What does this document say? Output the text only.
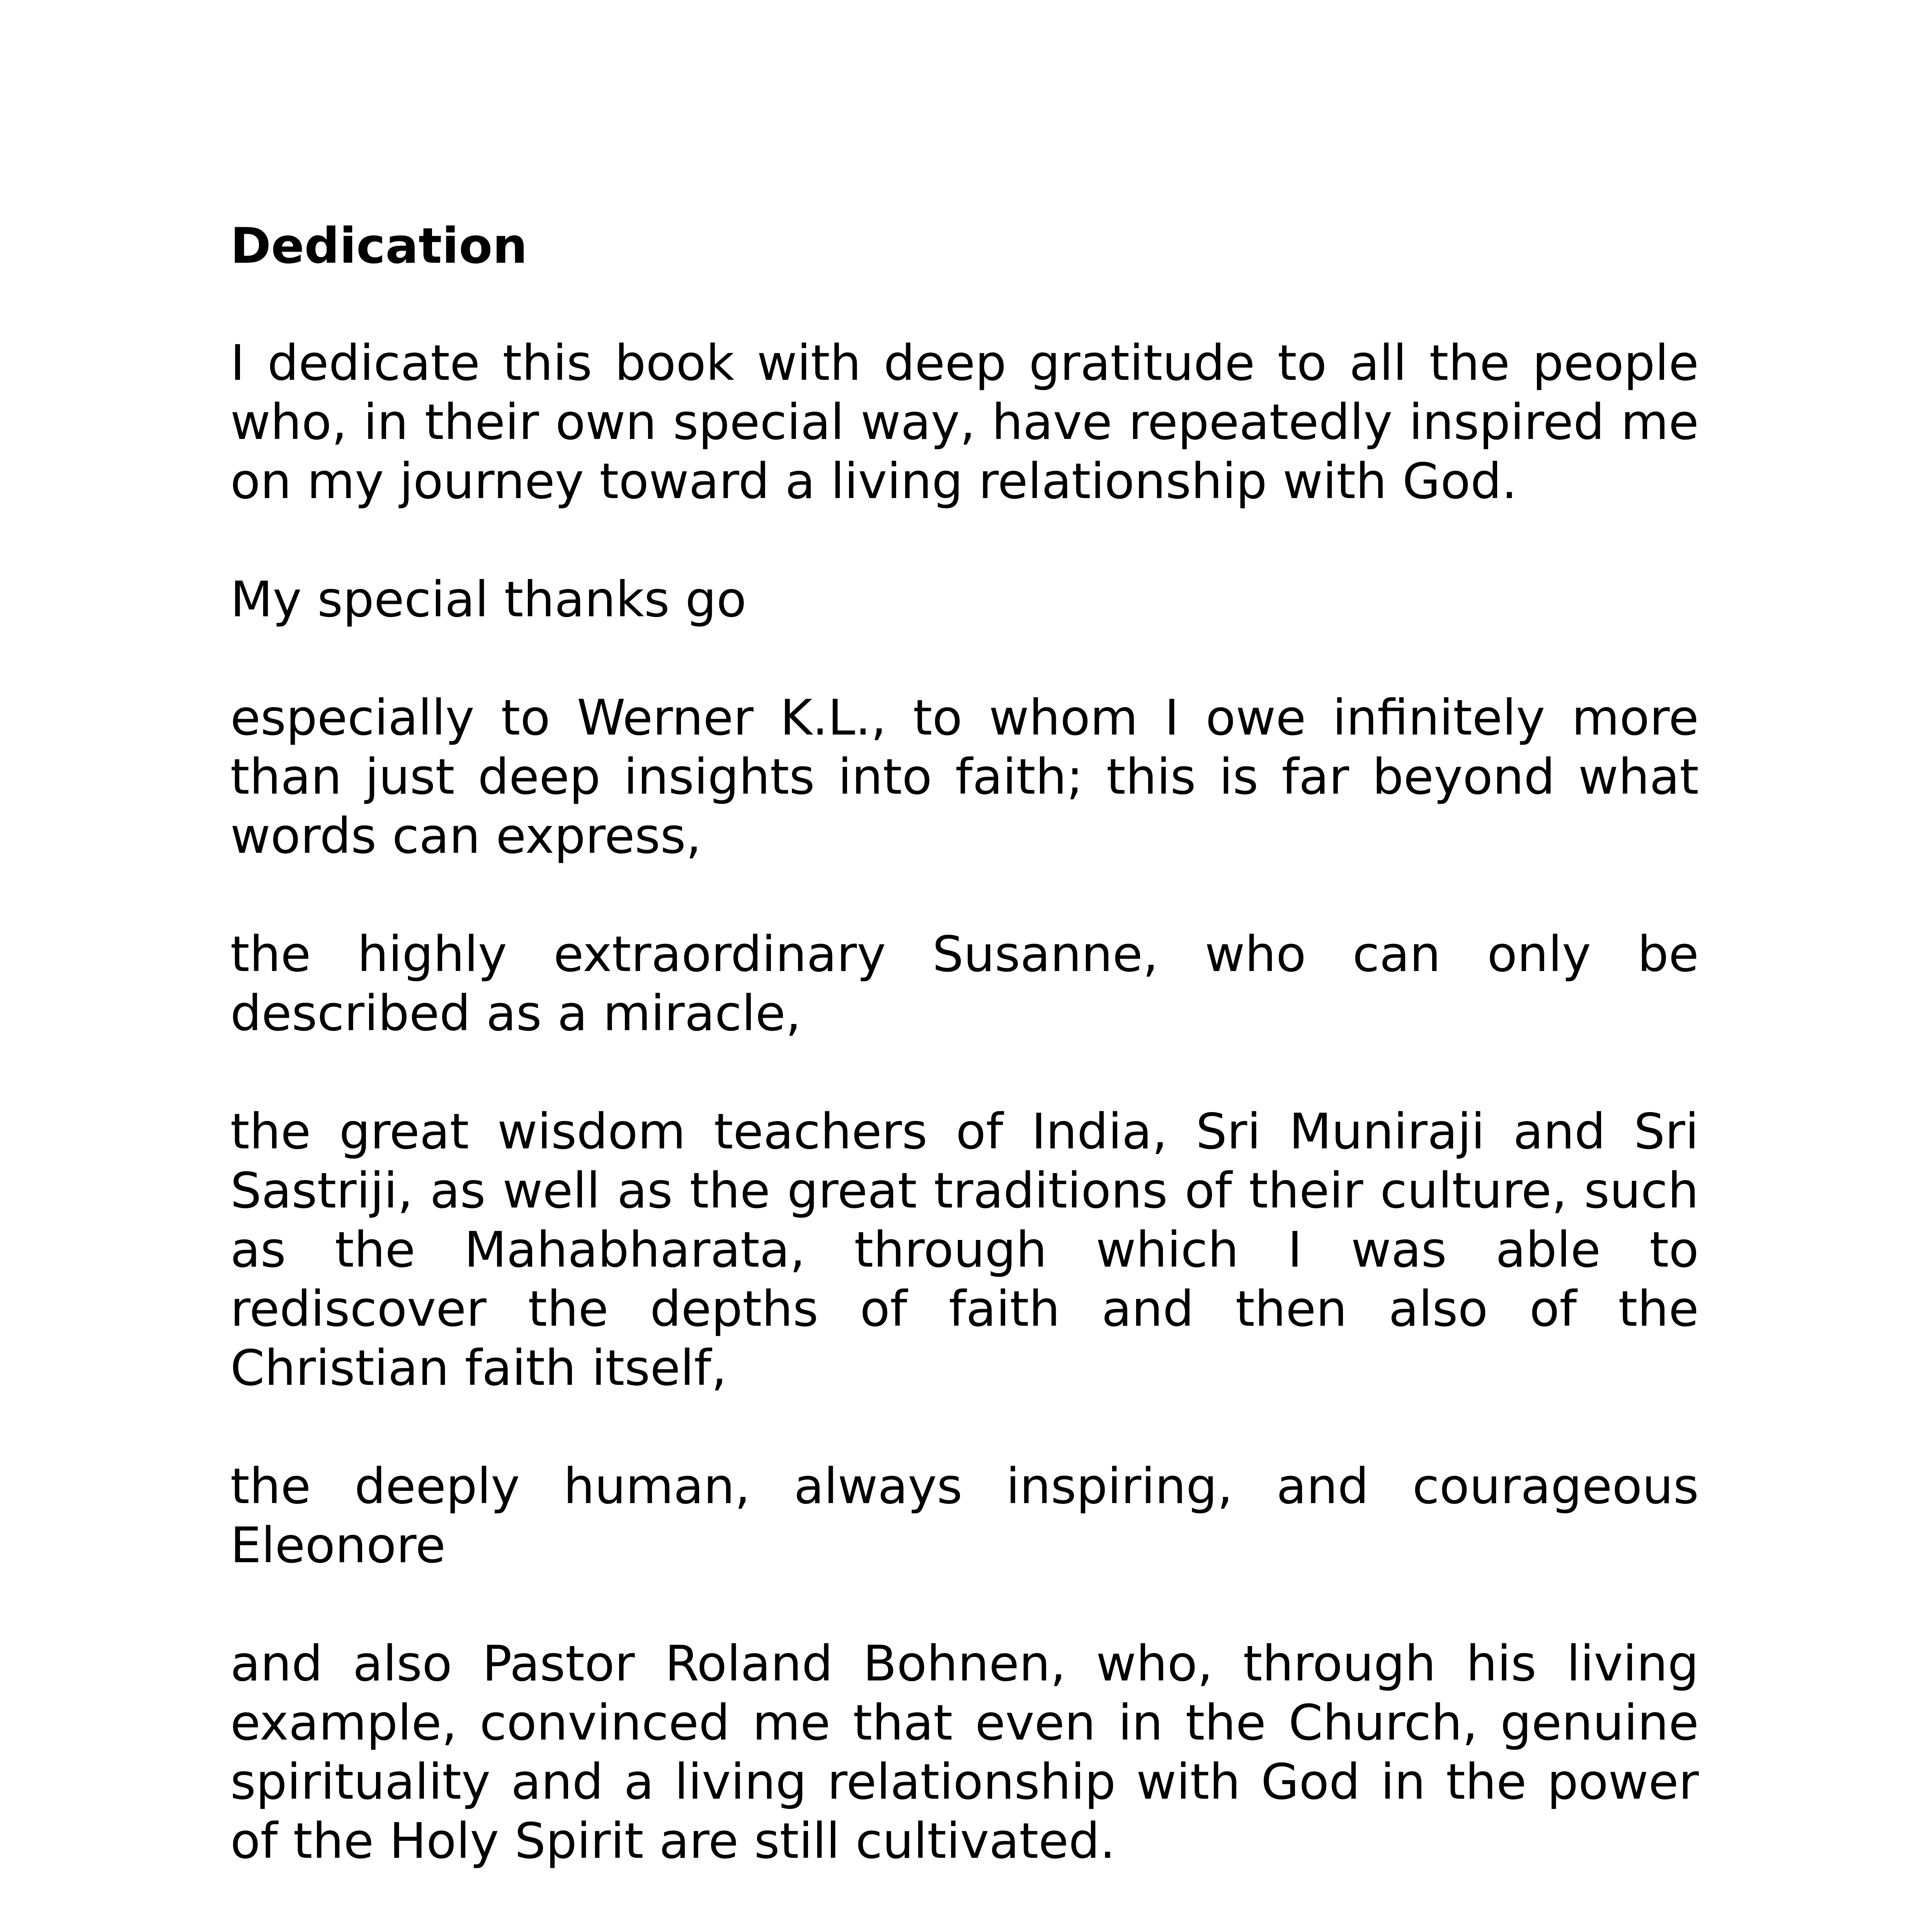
Dedication

I dedicate this book with deep gratitude to all the people who, in their own special way, have repeatedly inspired me on my journey toward a living relationship with God.

My special thanks go

especially to Werner K.L., to whom I owe infinitely more than just deep insights into faith; this is far beyond what words can express,

the highly extraordinary Susanne, who can only be described as a miracle,

the great wisdom teachers of India, Sri Muniraji and Sri Sastriji, as well as the great traditions of their culture, such as the Mahabharata, through which I was able to rediscover the depths of faith and then also of the Christian faith itself,

the deeply human, always inspiring, and courageous Eleonore

and also Pastor Roland Bohnen, who, through his living example, convinced me that even in the Church, genuine spirituality and a living relationship with God in the power of the Holy Spirit are still cultivated.
